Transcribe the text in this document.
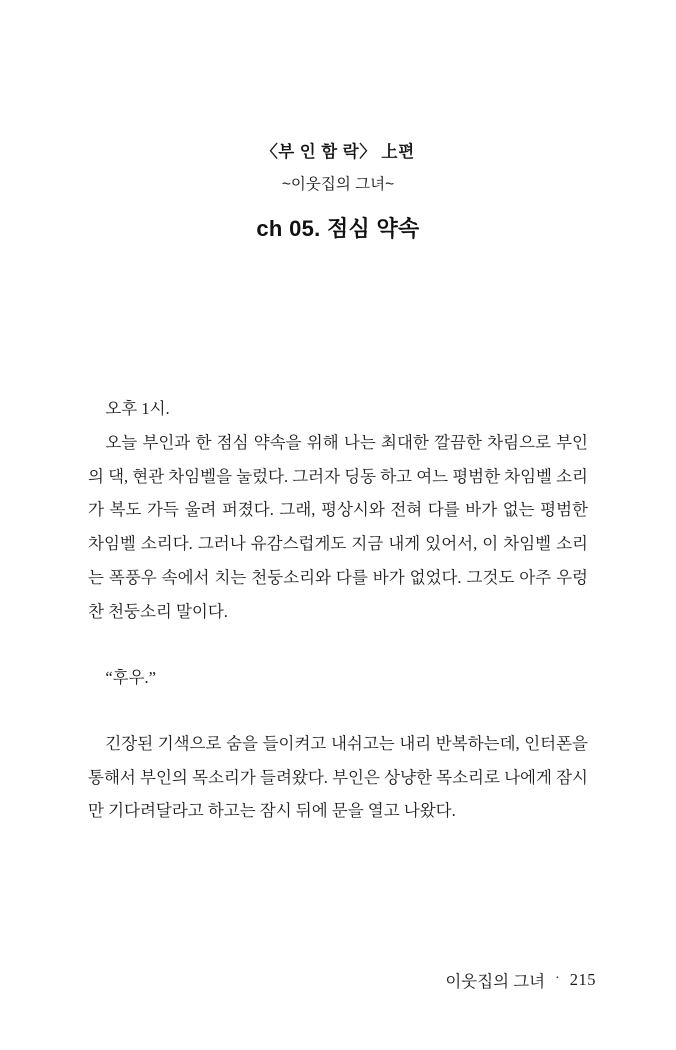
〈부 인 함 락〉 上편
~이웃집의 그녀~
ch 05. 점심 약속

오후 1시.

오늘 부인과 한 점심 약속을 위해 나는 최대한 깔끔한 차림으로 부인의 댁, 현관 차임벨을 눌렀다. 그러자 딩동 하고 여느 평범한 차임벨 소리가 복도 가득 울려 퍼졌다. 그래, 평상시와 전혀 다를 바가 없는 평범한 차임벨 소리다. 그러나 유감스럽게도 지금 내게 있어서, 이 차임벨 소리는 폭풍우 속에서 치는 천둥소리와 다를 바가 없었다. 그것도 아주 우렁찬 천둥소리 말이다.

“후우.”

긴장된 기색으로 숨을 들이켜고 내쉬고는 내리 반복하는데, 인터폰을 통해서 부인의 목소리가 들려왔다. 부인은 상냥한 목소리로 나에게 잠시만 기다려달라고 하고는 잠시 뒤에 문을 열고 나왔다.

이웃집의 그녀 · 215
